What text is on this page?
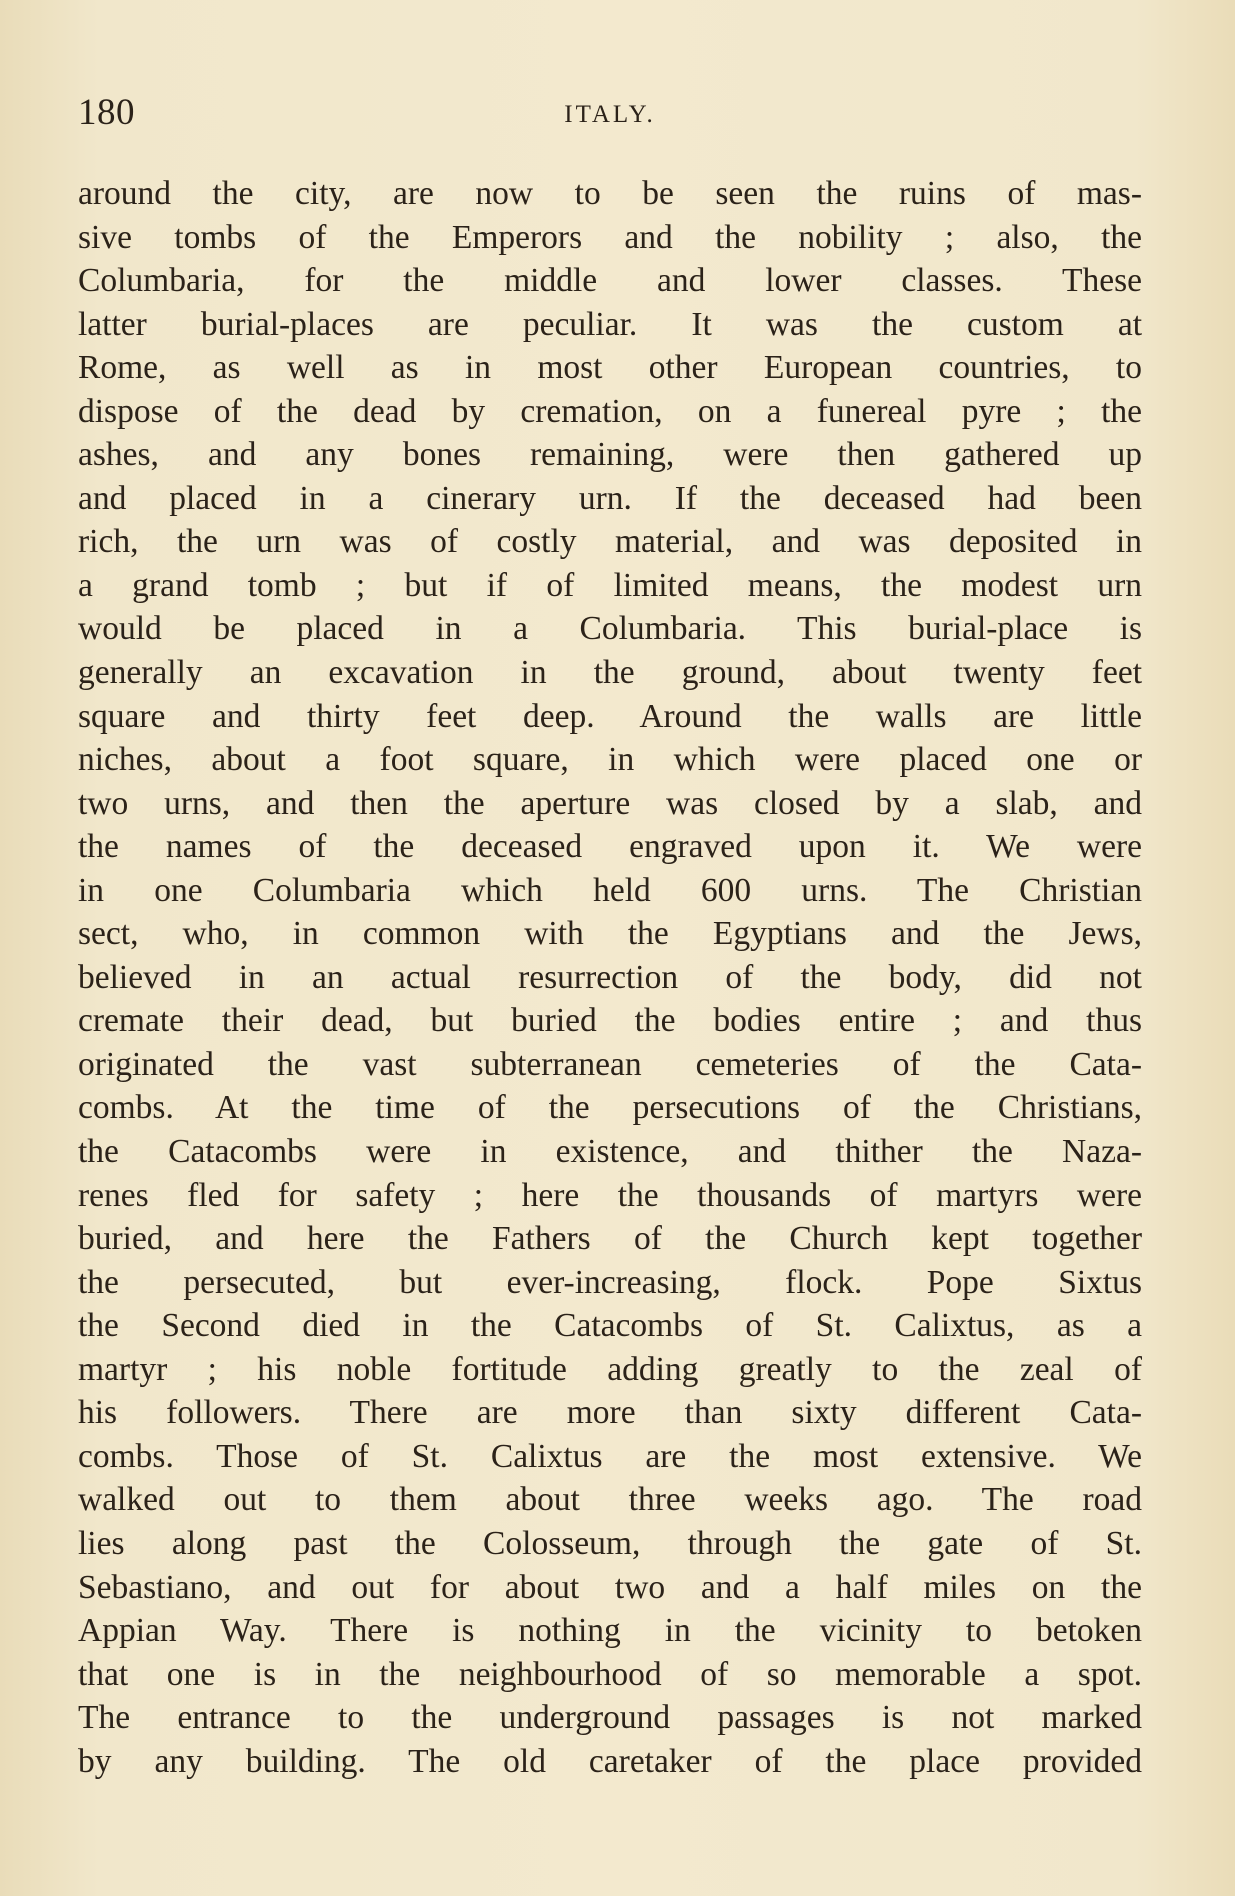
180	ITALY.
around the city, are now to be seen the ruins of mas-
sive tombs of the Emperors and the nobility ; also, the
Columbaria, for the middle and lower classes. These
latter burial-places are peculiar. It was the custom at
Rome, as well as in most other European countries, to
dispose of the dead by cremation, on a funereal pyre ; the
ashes, and any bones remaining, were then gathered up
and placed in a cinerary urn. If the deceased had been
rich, the urn was of costly material, and was deposited in
a grand tomb ; but if of limited means, the modest urn
would be placed in a Columbaria. This burial-place is
generally an excavation in the ground, about twenty feet
square and thirty feet deep. Around the walls are little
niches, about a foot square, in which were placed one or
two urns, and then the aperture was closed by a slab, and
the names of the deceased engraved upon it. We were
in one Columbaria which held 600 urns. The Christian
sect, who, in common with the Egyptians and the Jews,
believed in an actual resurrection of the body, did not
cremate their dead, but buried the bodies entire ; and thus
originated the vast subterranean cemeteries of the Cata-
combs. At the time of the persecutions of the Christians,
the Catacombs were in existence, and thither the Naza-
renes fled for safety ; here the thousands of martyrs were
buried, and here the Fathers of the Church kept together
the persecuted, but ever-increasing, flock. Pope Sixtus
the Second died in the Catacombs of St. Calixtus, as a
martyr ; his noble fortitude adding greatly to the zeal of
his followers. There are more than sixty different Cata-
combs. Those of St. Calixtus are the most extensive. We
walked out to them about three weeks ago. The road
lies along past the Colosseum, through the gate of St.
Sebastiano, and out for about two and a half miles on the
Appian Way. There is nothing in the vicinity to betoken
that one is in the neighbourhood of so memorable a spot.
The entrance to the underground passages is not marked
by any building. The old caretaker of the place provided
